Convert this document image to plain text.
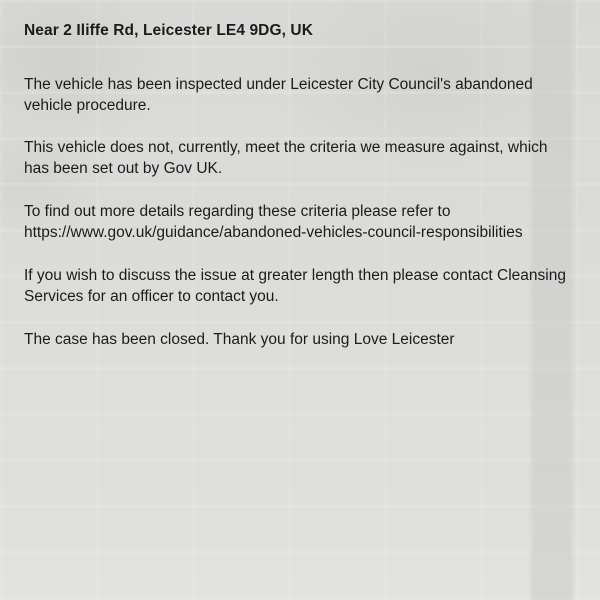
Near 2 Iliffe Rd, Leicester LE4 9DG, UK

The vehicle has been inspected under Leicester City Council's abandoned vehicle procedure.

This vehicle does not, currently, meet the criteria we measure against, which has been set out by Gov UK.

To find out more details regarding these criteria please refer to https://www.gov.uk/guidance/abandoned-vehicles-council-responsibilities

If you wish to discuss the issue at greater length then please contact Cleansing Services for an officer to contact you.

The case has been closed. Thank you for using Love Leicester
